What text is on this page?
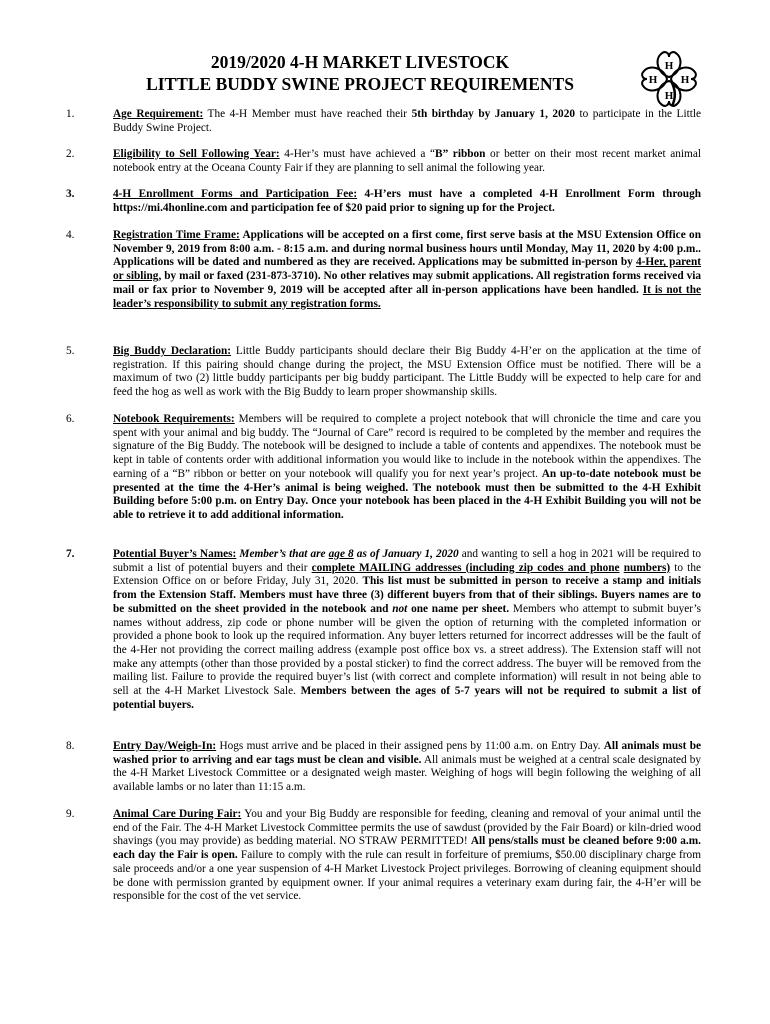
2019/2020 4-H MARKET LIVESTOCK
LITTLE BUDDY SWINE PROJECT REQUIREMENTS
H
H
H
H
1.	Age Requirement: The 4-H Member must have reached their 5th birthday by January 1, 2020 to participate in the Little Buddy Swine Project.

2.	Eligibility to Sell Following Year: 4-Her’s must have achieved a “B” ribbon or better on their most recent market animal notebook entry at the Oceana County Fair if they are planning to sell animal the following year.

3.	4-H Enrollment Forms and Participation Fee: 4-H’ers must have a completed 4-H Enrollment Form through https://mi.4honline.com and participation fee of $20 paid prior to signing up for the Project.

4.	Registration Time Frame: Applications will be accepted on a first come, first serve basis at the MSU Extension Office on November 9, 2019 from 8:00 a.m. - 8:15 a.m. and during normal business hours until Monday, May 11, 2020 by 4:00 p.m.. Applications will be dated and numbered as they are received. Applications may be submitted in-person by 4-Her, parent or sibling, by mail or faxed (231-873-3710). No other relatives may submit applications. All registration forms received via mail or fax prior to November 9, 2019 will be accepted after all in-person applications have been handled. It is not the leader’s responsibility to submit any registration forms.

5.	Big Buddy Declaration: Little Buddy participants should declare their Big Buddy 4-H’er on the application at the time of registration. If this pairing should change during the project, the MSU Extension Office must be notified. There will be a maximum of two (2) little buddy participants per big buddy participant. The Little Buddy will be expected to help care for and feed the hog as well as work with the Big Buddy to learn proper showmanship skills.

6.	Notebook Requirements: Members will be required to complete a project notebook that will chronicle the time and care you spent with your animal and big buddy. The “Journal of Care” record is required to be completed by the member and requires the signature of the Big Buddy. The notebook will be designed to include a table of contents and appendixes. The notebook must be kept in table of contents order with additional information you would like to include in the notebook within the appendixes. The earning of a “B” ribbon or better on your notebook will qualify you for next year’s project. An up-to-date notebook must be presented at the time the 4-Her’s animal is being weighed. The notebook must then be submitted to the 4-H Exhibit Building before 5:00 p.m. on Entry Day. Once your notebook has been placed in the 4-H Exhibit Building you will not be able to retrieve it to add additional information.

7.	Potential Buyer’s Names: Member’s that are age 8 as of January 1, 2020 and wanting to sell a hog in 2021 will be required to submit a list of potential buyers and their complete MAILING addresses (including zip codes and phone numbers) to the Extension Office on or before Friday, July 31, 2020. This list must be submitted in person to receive a stamp and initials from the Extension Staff. Members must have three (3) different buyers from that of their siblings. Buyers names are to be submitted on the sheet provided in the notebook and not one name per sheet. Members who attempt to submit buyer’s names without address, zip code or phone number will be given the option of returning with the completed information or provided a phone book to look up the required information. Any buyer letters returned for incorrect addresses will be the fault of the 4-Her not providing the correct mailing address (example post office box vs. a street address). The Extension staff will not make any attempts (other than those provided by a postal sticker) to find the correct address. The buyer will be removed from the mailing list. Failure to provide the required buyer’s list (with correct and complete information) will result in not being able to sell at the 4-H Market Livestock Sale. Members between the ages of 5-7 years will not be required to submit a list of potential buyers.

8.	Entry Day/Weigh-In: Hogs must arrive and be placed in their assigned pens by 11:00 a.m. on Entry Day. All animals must be washed prior to arriving and ear tags must be clean and visible. All animals must be weighed at a central scale designated by the 4-H Market Livestock Committee or a designated weigh master. Weighing of hogs will begin following the weighing of all available lambs or no later than 11:15 a.m.

9.	Animal Care During Fair: You and your Big Buddy are responsible for feeding, cleaning and removal of your animal until the end of the Fair. The 4-H Market Livestock Committee permits the use of sawdust (provided by the Fair Board) or kiln-dried wood shavings (you may provide) as bedding material. NO STRAW PERMITTED! All pens/stalls must be cleaned before 9:00 a.m. each day the Fair is open. Failure to comply with the rule can result in forfeiture of premiums, $50.00 disciplinary charge from sale proceeds and/or a one year suspension of 4-H Market Livestock Project privileges. Borrowing of cleaning equipment should be done with permission granted by equipment owner. If your animal requires a veterinary exam during fair, the 4-H’er will be responsible for the cost of the vet service.
